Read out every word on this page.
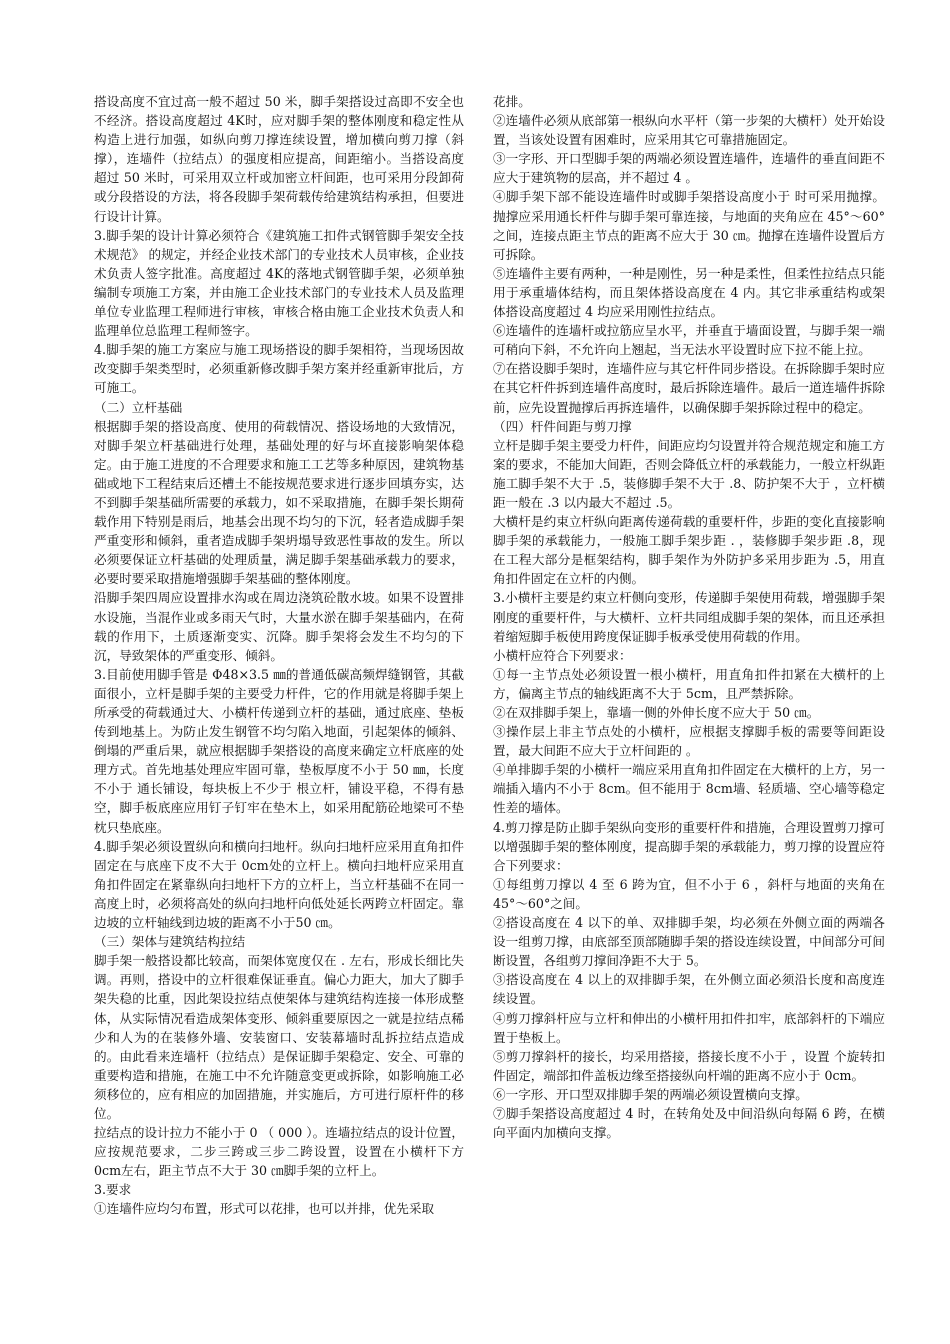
搭设高度不宜过高一般不超过 50 米，脚手架搭设过高即不安全也不经济。搭设高度超过 4K时，应对脚手架的整体刚度和稳定性从构造上进行加强，如纵向剪刀撑连续设置，增加横向剪刀撑（斜撑），连墙件（拉结点）的强度相应提高，间距缩小。当搭设高度超过 50 米时，可采用双立杆或加密立杆间距，也可采用分段卸荷或分段搭设的方法，将各段脚手架荷载传给建筑结构承担，但要进行设计计算。

3.脚手架的设计计算必须符合《建筑施工扣件式钢管脚手架安全技术规范》 的规定，并经企业技术部门的专业技术人员审核，企业技术负责人签字批准。高度超过 4K的落地式钢管脚手架，必须单独编制专项施工方案，并由施工企业技术部门的专业技术人员及监理单位专业监理工程师进行审核，审核合格由施工企业技术负责人和监理单位总监理工程师签字。

4.脚手架的施工方案应与施工现场搭设的脚手架相符，当现场因故改变脚手架类型时，必须重新修改脚手架方案并经重新审批后，方可施工。

（二）立杆基础

根据脚手架的搭设高度、使用的荷载情况、搭设场地的大致情况，对脚手架立杆基础进行处理，基础处理的好与坏直接影响架体稳定。由于施工进度的不合理要求和施工工艺等多种原因，建筑物基础或地下工程结束后还槽土不能按规范要求进行逐步回填夯实，达不到脚手架基础所需要的承载力，如不采取措施，在脚手架长期荷载作用下特别是雨后，地基会出现不均匀的下沉，轻者造成脚手架严重变形和倾斜，重者造成脚手架坍塌导致恶性事故的发生。所以必须要保证立杆基础的处理质量，满足脚手架基础承载力的要求，必要时要采取措施增强脚手架基础的整体刚度。

沿脚手架四周应设置排水沟或在周边浇筑砼散水坡。如果不设置排水设施，当混作业或多雨天气时，大量水淤在脚手架基础内，在荷载的作用下，土质逐渐变实、沉降。脚手架将会发生不均匀的下沉，导致架体的严重变形、倾斜。

3.目前使用脚手管是 Φ48×3.5 ㎜的普通低碳高频焊缝钢管，其截面很小，立杆是脚手架的主要受力杆件，它的作用就是将脚手架上所承受的荷载通过大、小横杆传递到立杆的基础，通过底座、垫板传到地基上。为防止发生钢管不均匀陷入地面，引起架体的倾斜、倒塌的严重后果，就应根据脚手架搭设的高度来确定立杆底座的处理方式。首先地基处理应牢固可靠，垫板厚度不小于 50 ㎜，长度不小于 通长铺设，每块板上不少于 根立杆，铺设平稳，不得有悬空，脚手板底座应用钉子钉牢在垫木上，如采用配筋砼地梁可不垫枕只垫底座。

4.脚手架必须设置纵向和横向扫地杆。纵向扫地杆应采用直角扣件固定在与底座下皮不大于 0cm处的立杆上。横向扫地杆应采用直角扣件固定在紧靠纵向扫地杆下方的立杆上，当立杆基础不在同一高度上时，必须将高处的纵向扫地杆向低处延长两跨立杆固定。靠边坡的立杆轴线到边坡的距离不小于50 ㎝。

（三）架体与建筑结构拉结

脚手架一般搭设都比较高，而架体宽度仅在 . 左右，形成长细比失调。再则，搭设中的立杆很难保证垂直。偏心力距大，加大了脚手架失稳的比重，因此架设拉结点使架体与建筑结构连接一体形成整体，从实际情况看造成架体变形、倾斜重要原因之一就是拉结点稀少和人为的在装修外墙、安装窗口、安装幕墙时乱拆拉结点造成的。由此看来连墙杆（拉结点）是保证脚手架稳定、安全、可靠的重要构造和措施，在施工中不允许随意变更或拆除，如影响施工必须移位的，应有相应的加固措施，并实施后，方可进行原杆件的移位。

拉结点的设计拉力不能小于 0 （ 000 ）。连墙拉结点的设计位置，应按规范要求，二步三跨或三步二跨设置，设置在小横杆下方 0cm左右，距主节点不大于 30 ㎝脚手架的立杆上。

3.要求

①连墙件应均匀布置，形式可以花排，也可以并排，优先采取

花排。

②连墙件必须从底部第一根纵向水平杆（第一步架的大横杆）处开始设置，当该处设置有困难时，应采用其它可靠措施固定。

③一字形、开口型脚手架的两端必须设置连墙件，连墙件的垂直间距不应大于建筑物的层高，并不超过 4 。

④脚手架下部不能设连墙件时或脚手架搭设高度小于 时可采用抛撑。抛撑应采用通长杆件与脚手架可靠连接，与地面的夹角应在 45°～60°之间，连接点距主节点的距离不应大于 30 ㎝。抛撑在连墙件设置后方可拆除。

⑤连墙件主要有两种，一种是刚性，另一种是柔性，但柔性拉结点只能用于承重墙体结构，而且架体搭设高度在 4 内。其它非承重结构或架体搭设高度超过 4 均应采用刚性拉结点。

⑥连墙件的连墙杆或拉筋应呈水平，并垂直于墙面设置，与脚手架一端可稍向下斜，不允许向上翘起，当无法水平设置时应下拉不能上拉。

⑦在搭设脚手架时，连墙件应与其它杆件同步搭设。在拆除脚手架时应在其它杆件拆到连墙件高度时，最后拆除连墙件。最后一道连墙件拆除前，应先设置抛撑后再拆连墙件，以确保脚手架拆除过程中的稳定。

（四）杆件间距与剪刀撑

立杆是脚手架主要受力杆件，间距应均匀设置并符合规范规定和施工方案的要求，不能加大间距，否则会降低立杆的承载能力，一般立杆纵距施工脚手架不大于 .5，装修脚手架不大于 .8、防护架不大于 ，立杆横距一般在 .3 以内最大不超过 .5。

大横杆是约束立杆纵向距离传递荷载的重要杆件，步距的变化直接影响脚手架的承载能力，一般施工脚手架步距 . ，装修脚手架步距 .8，现在工程大部分是框架结构，脚手架作为外防护多采用步距为 .5，用直角扣件固定在立杆的内侧。

3.小横杆主要是约束立杆侧向变形，传递脚手架使用荷载，增强脚手架刚度的重要杆件，与大横杆、立杆共同组成脚手架的架体，而且还承担着缩短脚手板使用跨度保证脚手板承受使用荷载的作用。

小横杆应符合下列要求：

①每一主节点处必须设置一根小横杆，用直角扣件扣紧在大横杆的上方，偏离主节点的轴线距离不大于 5cm，且严禁拆除。

②在双排脚手架上，靠墙一侧的外伸长度不应大于 50 ㎝。

③操作层上非主节点处的小横杆，应根据支撑脚手板的需要等间距设置，最大间距不应大于立杆间距的 。

④单排脚手架的小横杆一端应采用直角扣件固定在大横杆的上方，另一端插入墙内不小于 8cm。但不能用于 8cm墙、轻质墙、空心墙等稳定性差的墙体。

4.剪刀撑是防止脚手架纵向变形的重要杆件和措施，合理设置剪刀撑可以增强脚手架的整体刚度，提高脚手架的承载能力，剪刀撑的设置应符合下列要求：

①每组剪刀撑以 4 至 6 跨为宜，但不小于 6 ，斜杆与地面的夹角在 45°～60°之间。

②搭设高度在 4 以下的单、双排脚手架，均必须在外侧立面的两端各设一组剪刀撑，由底部至顶部随脚手架的搭设连续设置，中间部分可间断设置，各组剪刀撑间净距不大于 5。

③搭设高度在 4 以上的双排脚手架，在外侧立面必须沿长度和高度连续设置。

④剪刀撑斜杆应与立杆和伸出的小横杆用扣件扣牢，底部斜杆的下端应置于垫板上。

⑤剪刀撑斜杆的接长，均采用搭接，搭接长度不小于 ，设置 个旋转扣件固定，端部扣件盖板边缘至搭接纵向杆端的距离不应小于 0cm。

⑥一字形、开口型双排脚手架的两端必须设置横向支撑。

⑦脚手架搭设高度超过 4 时，在转角处及中间沿纵向每隔 6 跨，在横向平面内加横向支撑。
